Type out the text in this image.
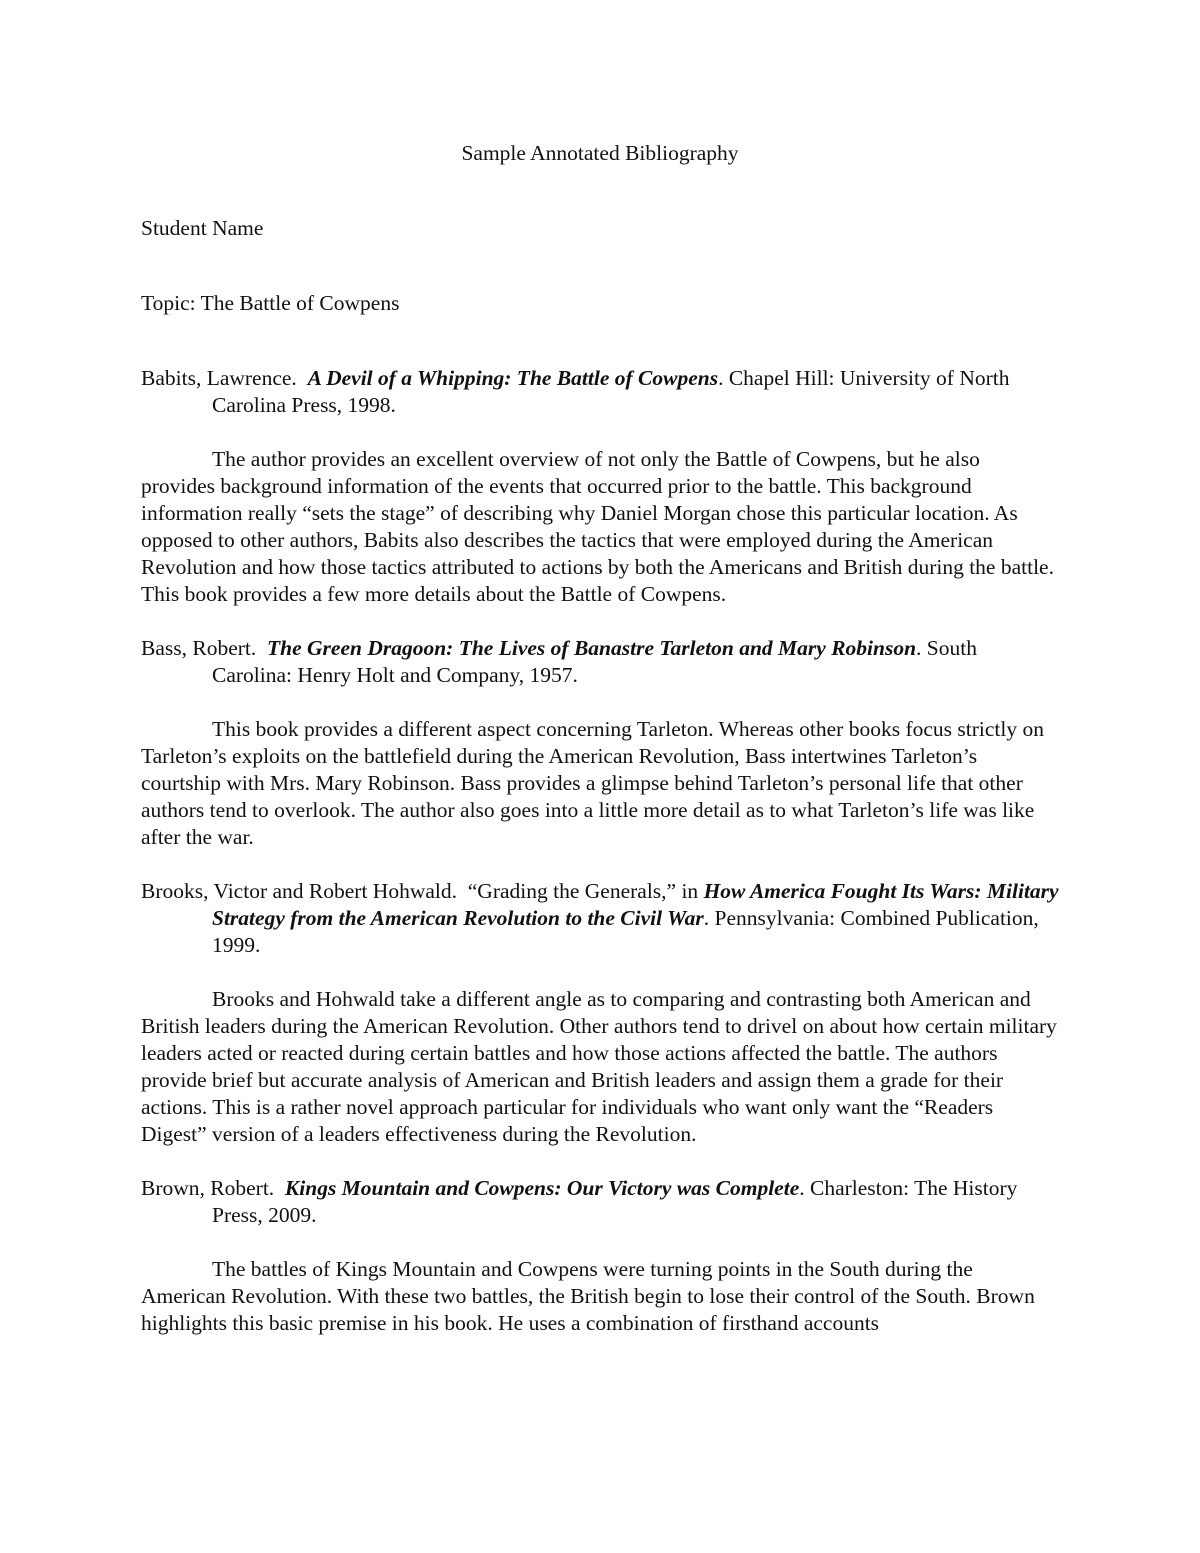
Sample Annotated Bibliography
Student Name
Topic: The Battle of Cowpens

Babits, Lawrence. A Devil of a Whipping: The Battle of Cowpens. Chapel Hill: University of North Carolina Press, 1998.

The author provides an excellent overview of not only the Battle of Cowpens, but he also provides background information of the events that occurred prior to the battle. This background information really “sets the stage” of describing why Daniel Morgan chose this particular location. As opposed to other authors, Babits also describes the tactics that were employed during the American Revolution and how those tactics attributed to actions by both the Americans and British during the battle. This book provides a few more details about the Battle of Cowpens.

Bass, Robert. The Green Dragoon: The Lives of Banastre Tarleton and Mary Robinson. South Carolina: Henry Holt and Company, 1957.

This book provides a different aspect concerning Tarleton. Whereas other books focus strictly on Tarleton’s exploits on the battlefield during the American Revolution, Bass intertwines Tarleton’s courtship with Mrs. Mary Robinson. Bass provides a glimpse behind Tarleton’s personal life that other authors tend to overlook. The author also goes into a little more detail as to what Tarleton’s life was like after the war.

Brooks, Victor and Robert Hohwald. “Grading the Generals,” in How America Fought Its Wars: Military Strategy from the American Revolution to the Civil War. Pennsylvania: Combined Publication, 1999.

Brooks and Hohwald take a different angle as to comparing and contrasting both American and British leaders during the American Revolution. Other authors tend to drivel on about how certain military leaders acted or reacted during certain battles and how those actions affected the battle. The authors provide brief but accurate analysis of American and British leaders and assign them a grade for their actions. This is a rather novel approach particular for individuals who want only want the “Readers Digest” version of a leaders effectiveness during the Revolution.

Brown, Robert. Kings Mountain and Cowpens: Our Victory was Complete. Charleston: The History Press, 2009.

The battles of Kings Mountain and Cowpens were turning points in the South during the American Revolution. With these two battles, the British begin to lose their control of the South. Brown highlights this basic premise in his book. He uses a combination of firsthand accounts
